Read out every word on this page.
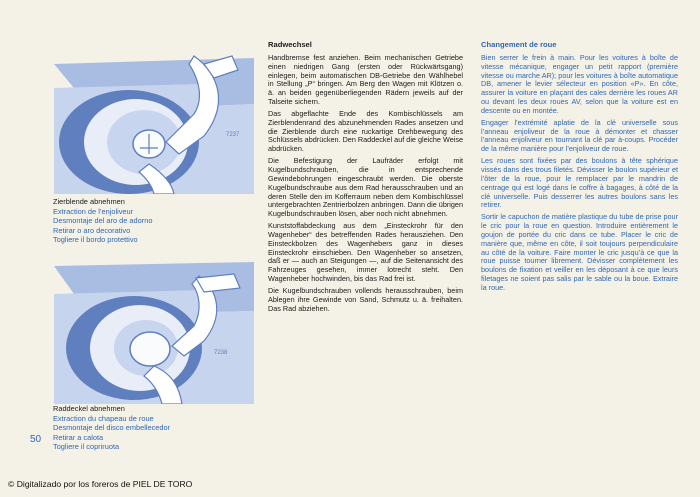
7237
Zierblende abnehmen
Extraction de l’enjoliveur
Desmontaje del aro de adorno
Retirar o aro decorativo
Togliere il bordo protettivo
7238
Raddeckel abnehmen
Extraction du chapeau de roue
Desmontaje del disco embellecedor
Retirar a calota
Togliere il copriruota
50
Radwechsel

Handbremse fest anziehen. Beim mechanischen Getriebe einen niedrigen Gang (ersten oder Rückwärtsgang) einlegen, beim automatischen DB-Getriebe den Wählhebel in Stellung „P“ bringen. Am Berg den Wagen mit Klötzen o. ä. an beiden gegenüberliegenden Rädern jeweils auf der Talseite sichern.

Das abgeflachte Ende des Kombischlüssels am Zierblendenrand des abzunehmenden Rades ansetzen und die Zierblende durch eine ruckartige Drehbewegung des Schlüssels abdrücken. Den Raddeckel auf die gleiche Weise abdrücken.

Die Befestigung der Laufräder erfolgt mit Kugelbundschrauben, die in entsprechende Gewindebohrungen eingeschraubt werden. Die oberste Kugelbundschraube aus dem Rad herausschrauben und an deren Stelle den im Kofferraum neben dem Kombischlüssel untergebrachten Zentrierbolzen anbringen. Dann die übrigen Kugelbundschrauben lösen, aber noch nicht abnehmen.

Kunststoffabdeckung aus dem „Einsteckrohr für den Wagenheber“ des betreffenden Rades herausziehen. Den Einsteckbolzen des Wagenhebers ganz in dieses Einsteckrohr einschieben. Den Wagenheber so ansetzen, daß er — auch an Steigungen —, auf die Seitenansicht des Fahrzeuges gesehen, immer lotrecht steht. Den Wagenheber hochwinden, bis das Rad frei ist.

Die Kugelbundschrauben vollends herausschrauben, beim Ablegen ihre Gewinde von Sand, Schmutz u. ä. freihalten. Das Rad abziehen.

Changement de roue

Bien serrer le frein à main. Pour les voitures à boîte de vitesse mécanique, engager un petit rapport (première vitesse ou marche AR); pour les voitures à boîte automatique DB, amener le levier sélecteur en position «P». En côte, assurer la voiture en plaçant des cales derrière les roues AR ou devant les deux roues AV, selon que la voiture est en descente ou en montée.

Engager l’extrémité aplatie de la clé universelle sous l’anneau enjoliveur de la roue à démonter et chasser l’anneau enjoliveur en tournant la clé par à-coups. Procéder de la même manière pour l’enjoliveur de roue.

Les roues sont fixées par des boulons à tête sphérique vissés dans des trous filetés. Dévisser le boulon supérieur et l’ôter de la roue, pour le remplacer par le mandrin de centrage qui est logé dans le coffre à bagages, à côté de la clé universelle. Puis desserrer les autres boulons sans les retirer.

Sortir le capuchon de matière plastique du tube de prise pour le cric pour la roue en question. Introduire entièrement le goujon de portée du cric dans ce tube. Placer le cric de manière que, même en côte, il soit toujours perpendiculaire au côté de la voiture. Faire monter le cric jusqu’à ce que la roue puisse tourner librement. Dévisser complètement les boulons de fixation et veiller en les déposant à ce que leurs filetages ne soient pas salis par le sable ou la boue. Extraire la roue.

© Digitalizado por los foreros de PIEL DE TORO
